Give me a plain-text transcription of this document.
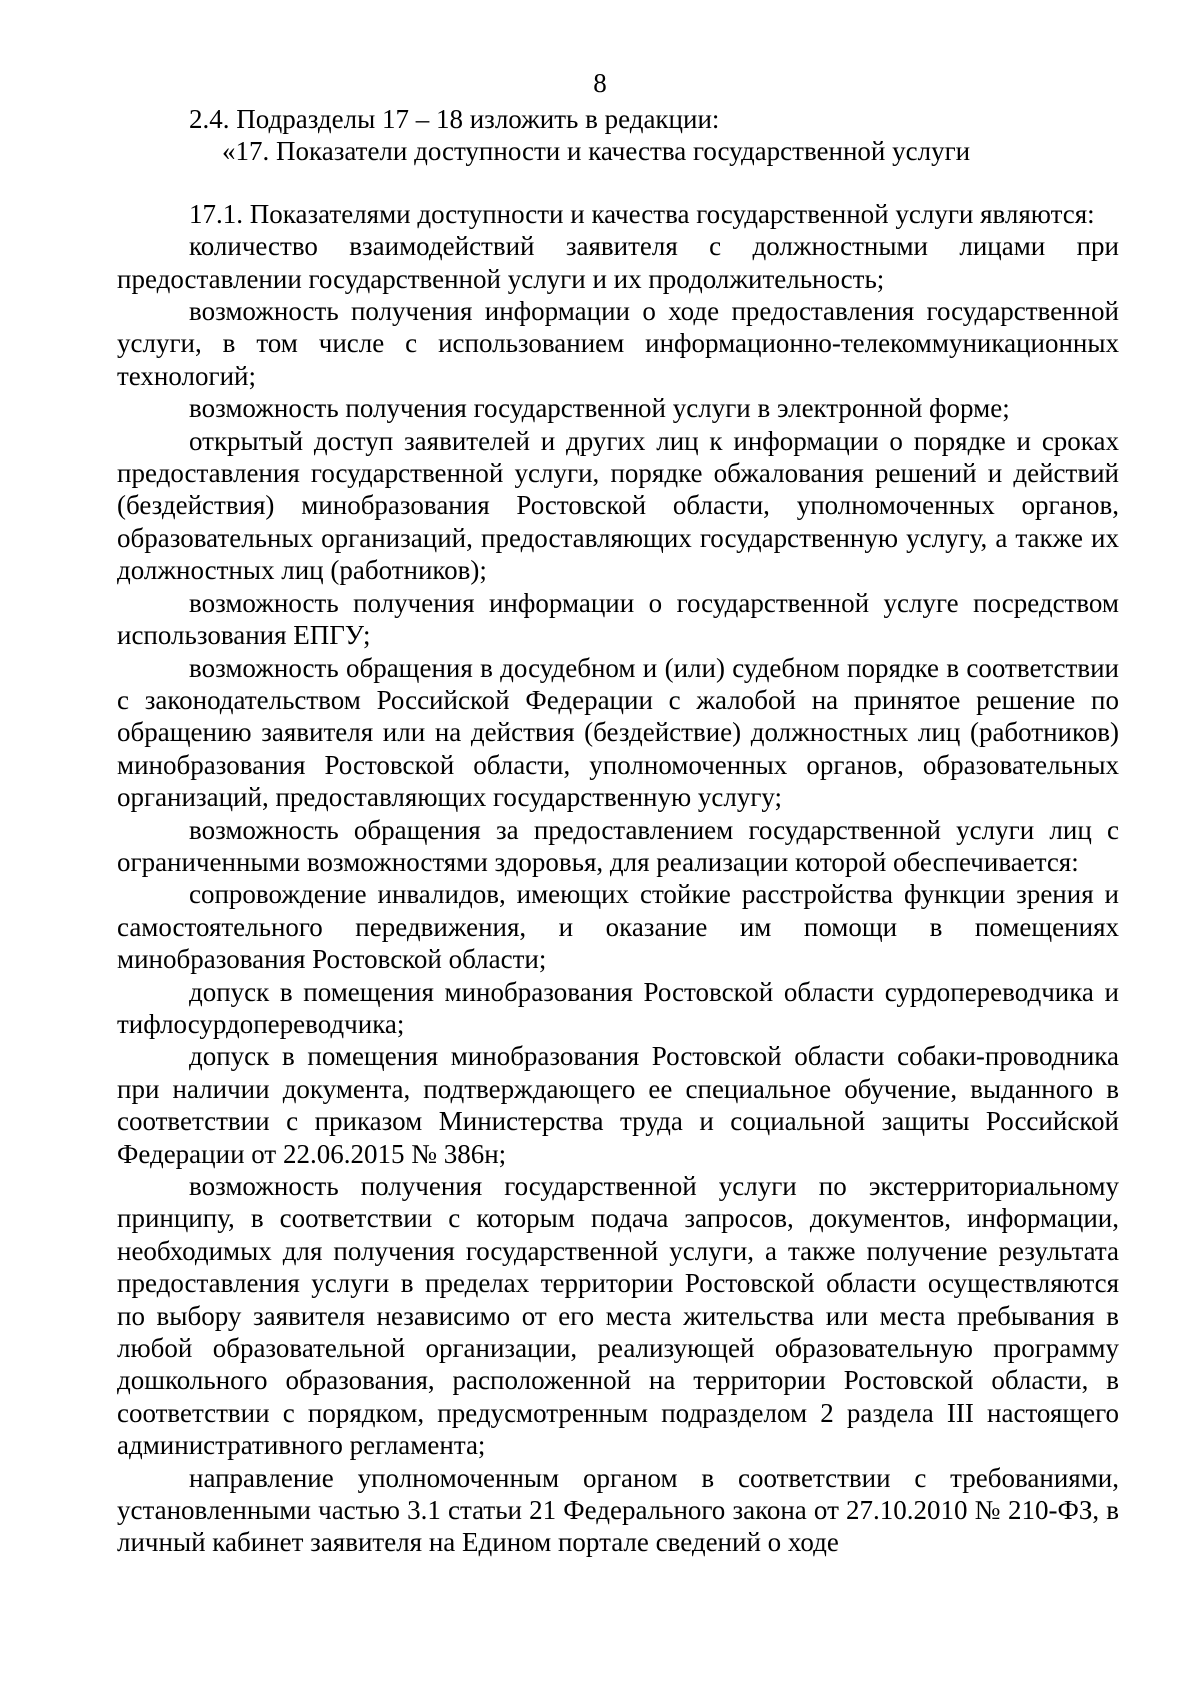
8

2.4. Подразделы 17 – 18 изложить в редакции:

«17. Показатели доступности и качества государственной услуги

17.1. Показателями доступности и качества государственной услуги являются:

количество взаимодействий заявителя с должностными лицами при предоставлении государственной услуги и их продолжительность;

возможность получения информации о ходе предоставления государственной услуги, в том числе с использованием информационно-телекоммуникационных технологий;

возможность получения государственной услуги в электронной форме;

открытый доступ заявителей и других лиц к информации о порядке и сроках предоставления государственной услуги, порядке обжалования решений и действий (бездействия) минобразования Ростовской области, уполномоченных органов, образовательных организаций, предоставляющих государственную услугу, а также их должностных лиц (работников);

возможность получения информации о государственной услуге посредством использования ЕПГУ;

возможность обращения в досудебном и (или) судебном порядке в соответствии с законодательством Российской Федерации с жалобой на принятое решение по обращению заявителя или на действия (бездействие) должностных лиц (работников) минобразования Ростовской области, уполномоченных органов, образовательных организаций, предоставляющих государственную услугу;

возможность обращения за предоставлением государственной услуги лиц с ограниченными возможностями здоровья, для реализации которой обеспечивается:

сопровождение инвалидов, имеющих стойкие расстройства функции зрения и самостоятельного передвижения, и оказание им помощи в помещениях минобразования Ростовской области;

допуск в помещения минобразования Ростовской области сурдопереводчика и тифлосурдопереводчика;

допуск в помещения минобразования Ростовской области собаки-проводника при наличии документа, подтверждающего ее специальное обучение, выданного в соответствии с приказом Министерства труда и социальной защиты Российской Федерации от 22.06.2015 № 386н;

возможность получения государственной услуги по экстерриториальному принципу, в соответствии с которым подача запросов, документов, информации, необходимых для получения государственной услуги, а также получение результата предоставления услуги в пределах территории Ростовской области осуществляются по выбору заявителя независимо от его места жительства или места пребывания в любой образовательной организации, реализующей образовательную программу дошкольного образования, расположенной на территории Ростовской области, в соответствии с порядком, предусмотренным подразделом 2 раздела III настоящего административного регламента;

направление уполномоченным органом в соответствии с требованиями, установленными частью 3.1 статьи 21 Федерального закона от 27.10.2010 № 210-ФЗ, в личный кабинет заявителя на Едином портале сведений о ходе
